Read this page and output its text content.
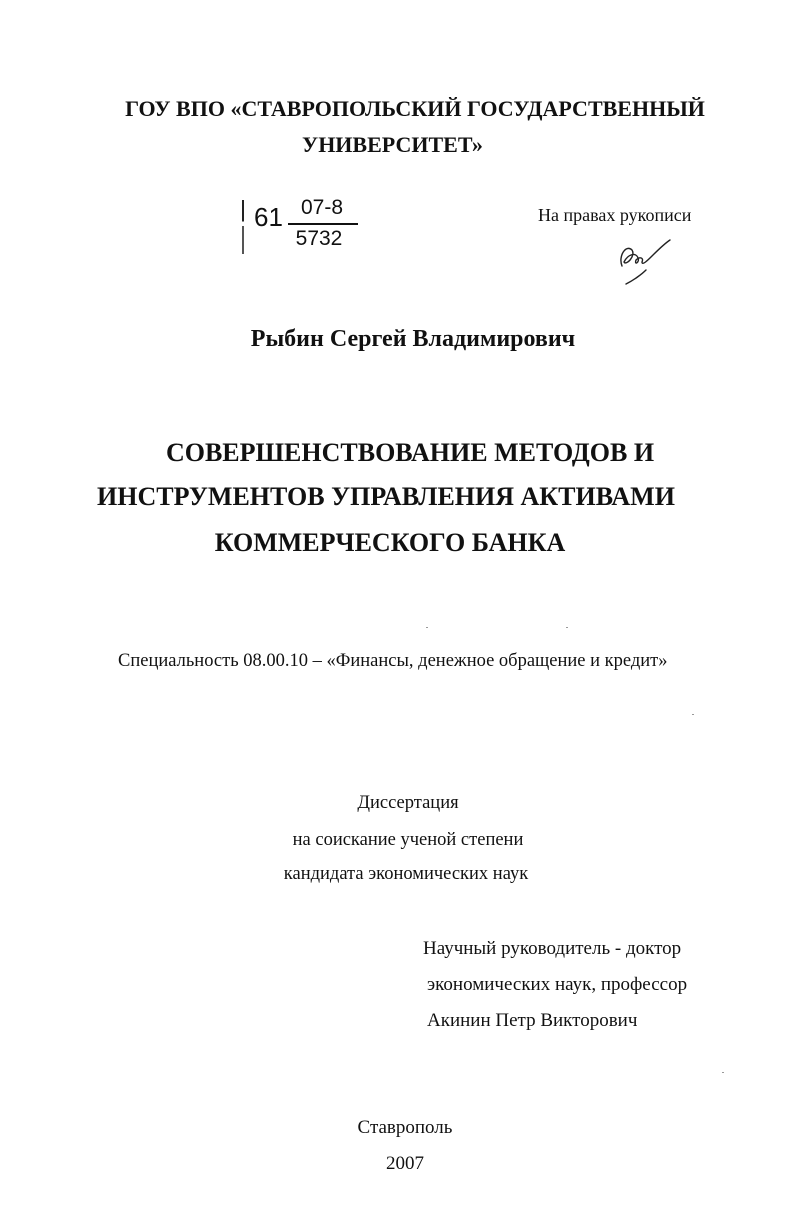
ГОУ ВПО «СТАВРОПОЛЬСКИЙ ГОСУДАРСТВЕННЫЙ
УНИВЕРСИТЕТ»
61 07-8
5732
На правах рукописи
Рыбин Сергей Владимирович
СОВЕРШЕНСТВОВАНИЕ МЕТОДОВ И
ИНСТРУМЕНТОВ УПРАВЛЕНИЯ АКТИВАМИ
КОММЕРЧЕСКОГО БАНКА
Специальность 08.00.10 – «Финансы, денежное обращение и кредит»
Диссертация
на соискание ученой степени
кандидата экономических наук
Научный руководитель - доктор
экономических наук, профессор
Акинин Петр Викторович
Ставрополь
2007
